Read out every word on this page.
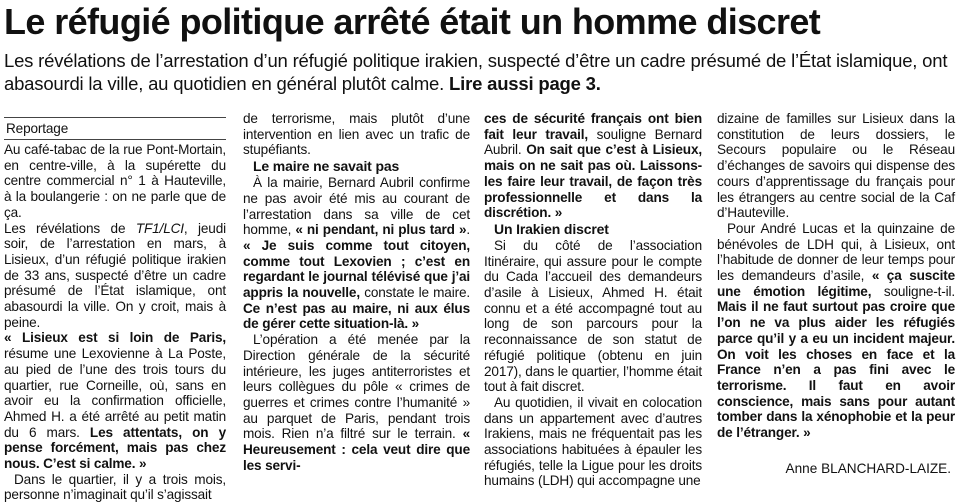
Le réfugié politique arrêté était un homme discret

Les révélations de l’arrestation d’un réfugié politique irakien, suspecté d’être un cadre présumé de l’État islamique, ont abasourdi la ville, au quotidien en général plutôt calme. Lire aussi page 3.

Reportage

Au café-tabac de la rue Pont-Mortain, en centre-ville, à la supérette du centre commercial n° 1 à Hauteville, à la boulangerie : on ne parle que de ça.

Les révélations de TF1/LCI, jeudi soir, de l’arrestation en mars, à Lisieux, d’un réfugié politique irakien de 33 ans, suspecté d’être un cadre présumé de l’État islamique, ont abasourdi la ville. On y croit, mais à peine.

« Lisieux est si loin de Paris, résume une Lexovienne à La Poste, au pied de l’une des trois tours du quartier, rue Corneille, où, sans en avoir eu la confirmation officielle, Ahmed H. a été arrêté au petit matin du 6 mars. Les attentats, on y pense forcément, mais pas chez nous. C’est si calme. »

Dans le quartier, il y a trois mois, personne n’imaginait qu’il s’agissait

de terrorisme, mais plutôt d’une intervention en lien avec un trafic de stupéfiants.

Le maire ne savait pas

À la mairie, Bernard Aubril confirme ne pas avoir été mis au courant de l’arrestation dans sa ville de cet homme, « ni pendant, ni plus tard ». « Je suis comme tout citoyen, comme tout Lexovien ; c’est en regardant le journal télévisé que j’ai appris la nouvelle, constate le maire. Ce n’est pas au maire, ni aux élus de gérer cette situation-là. »

L’opération a été menée par la Direction générale de la sécurité intérieure, les juges antiterroristes et leurs collègues du pôle « crimes de guerres et crimes contre l’humanité » au parquet de Paris, pendant trois mois. Rien n’a filtré sur le terrain. « Heureusement : cela veut dire que les servi-

ces de sécurité français ont bien fait leur travail, souligne Bernard Aubril. On sait que c’est à Lisieux, mais on ne sait pas où. Laissons-les faire leur travail, de façon très professionnelle et dans la discrétion. »

Un Irakien discret

Si du côté de l’association Itinéraire, qui assure pour le compte du Cada l’accueil des demandeurs d’asile à Lisieux, Ahmed H. était connu et a été accompagné tout au long de son parcours pour la reconnaissance de son statut de réfugié politique (obtenu en juin 2017), dans le quartier, l’homme était tout à fait discret.

Au quotidien, il vivait en colocation dans un appartement avec d’autres Irakiens, mais ne fréquentait pas les associations habituées à épauler les réfugiés, telle la Ligue pour les droits humains (LDH) qui accompagne une

dizaine de familles sur Lisieux dans la constitution de leurs dossiers, le Secours populaire ou le Réseau d’échanges de savoirs qui dispense des cours d’apprentissage du français pour les étrangers au centre social de la Caf d’Hauteville.

Pour André Lucas et la quinzaine de bénévoles de LDH qui, à Lisieux, ont l’habitude de donner de leur temps pour les demandeurs d’asile, « ça suscite une émotion légitime, souligne-t-il. Mais il ne faut surtout pas croire que l’on ne va plus aider les réfugiés parce qu’il y a eu un incident majeur. On voit les choses en face et la France n’en a pas fini avec le terrorisme. Il faut en avoir conscience, mais sans pour autant tomber dans la xénophobie et la peur de l’étranger. »

Anne BLANCHARD-LAIZE.
